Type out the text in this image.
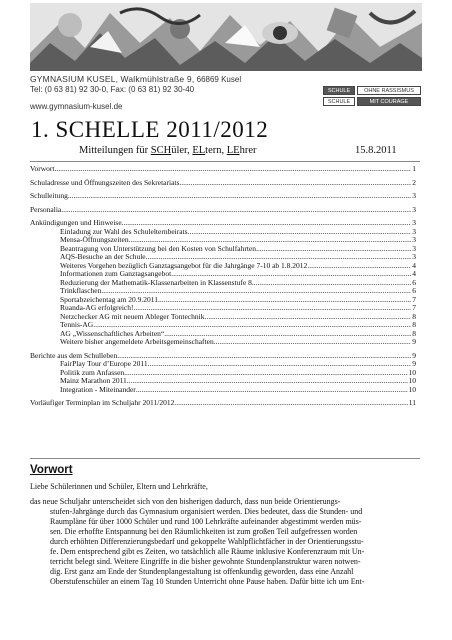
GYMNASIUM KUSEL, Walkmühlstraße 9, 66869 Kusel
Tel: (0 63 81) 92 30-0, Fax: (0 63 81) 92 30-40
www.gymnasium-kusel.de
SCHULE	OHNE RASSISMUS
SCHULE	MIT COURAGE
1. SCHELLE 2011/2012
Mitteilungen für SCHüler, ELtern, LEhrer	15.8.2011
Vorwort .....	1
Schuladresse und Öffnungszeiten des Sekretariats .....	2
Schulleitung .....	3
Personalia .....	3
Ankündigungen und Hinweise .....	3
Einladung zur Wahl des Schulelternbeirats .....	3
Mensa-Öffnungszeiten .....	3
Beantragung von Unterstützung bei den Kosten von Schulfahrten .....	3
AQS-Besuche an der Schule .....	3
Weiteres Vorgehen bezüglich Ganztagsangebot für die Jahrgänge 7-10 ab 1.8.2012 .....	4
Informationen zum Ganztagsangebot .....	4
Reduzierung der Mathematik-Klassenarbeiten in Klassenstufe 8 .....	6
Trinkflaschen .....	6
Sportabzeichentag am 20.9.2011 .....	7
Ruanda-AG erfolgreich! .....	7
Netzchecker AG mit neuem Ableger Tontechnik .....	8
Tennis-AG .....	8
AG „Wissenschaftliches Arbeiten“ .....	8
Weitere bisher angemeldete Arbeitsgemeinschaften .....	9
Berichte aus dem Schulleben .....	9
FairPlay Tour d’Europe 2011 .....	9
Politik zum Anfassen .....	10
Mainz Marathon 2011 .....	10
Integration - Miteinander .....	10
Vorläufiger Terminplan im Schuljahr 2011/2012 .....	11
Vorwort
Liebe Schülerinnen und Schüler, Eltern und Lehrkräfte,
das neue Schuljahr unterscheidet sich von den bisherigen dadurch, dass nun beide Orientierungs-
stufen-Jahrgänge durch das Gymnasium organisiert werden. Dies bedeutet, dass die Stunden- und
Raumpläne für über 1000 Schüler und rund 100 Lehrkräfte aufeinander abgestimmt werden müs-
sen. Die erhoffte Entspannung bei den Räumlichkeiten ist zum großen Teil aufgefressen worden
durch erhöhten Differenzierungsbedarf und gekoppelte Wahlpflichtfächer in der Orientierungsstu-
fe. Dem entsprechend gibt es Zeiten, wo tatsächlich alle Räume inklusive Konferenzraum mit Un-
terricht belegt sind. Weitere Eingriffe in die bisher gewohnte Stundenplanstruktur waren notwen-
dig. Erst ganz am Ende der Stundenplangestaltung ist offenkundig geworden, dass eine Anzahl
Oberstufenschüler an einem Tag 10 Stunden Unterricht ohne Pause haben. Dafür bitte ich um Ent-
